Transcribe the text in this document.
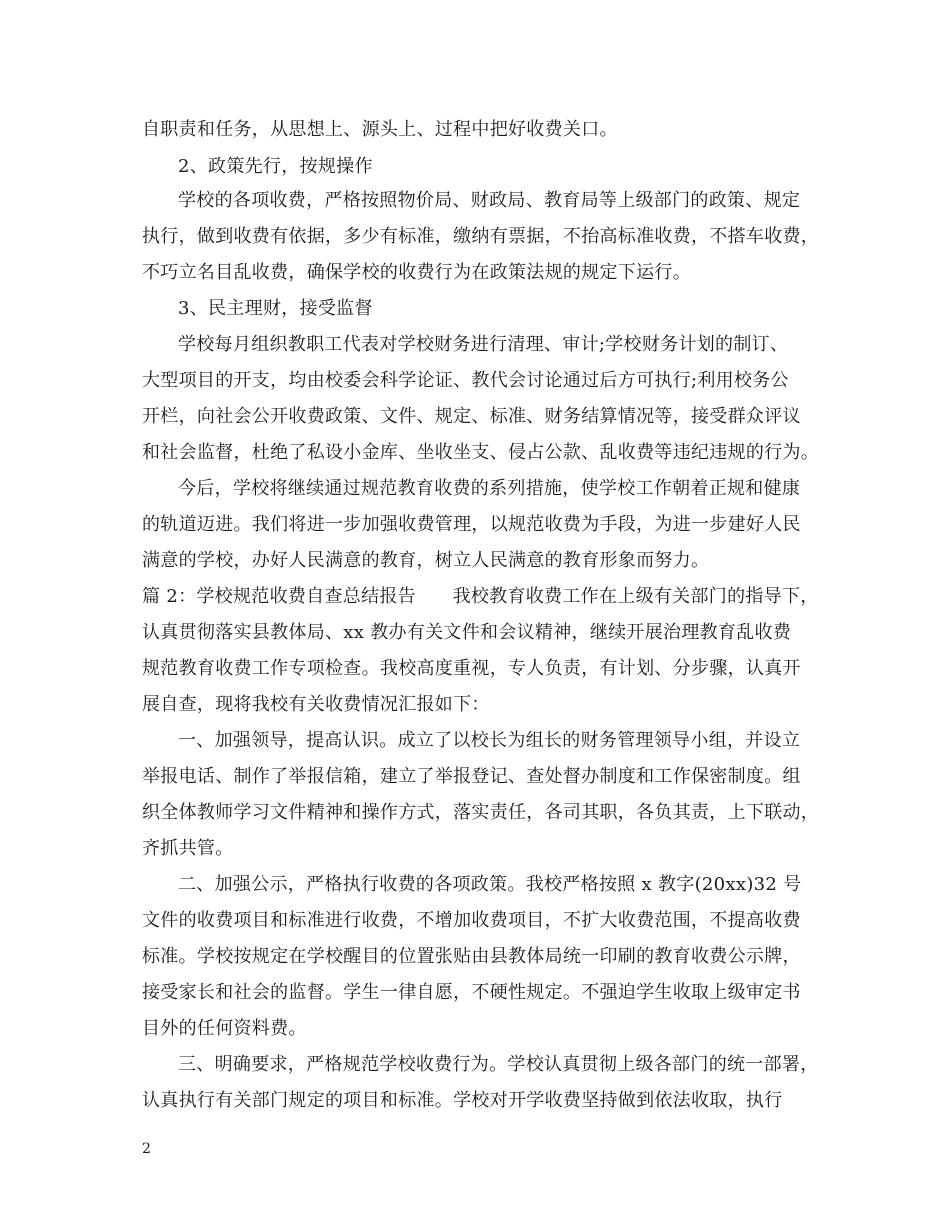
自职责和任务，从思想上、源头上、过程中把好收费关口。
2、政策先行，按规操作
学校的各项收费，严格按照物价局、财政局、教育局等上级部门的政策、规定
执行，做到收费有依据，多少有标准，缴纳有票据，不抬高标准收费，不搭车收费，
不巧立名目乱收费，确保学校的收费行为在政策法规的规定下运行。
3、民主理财，接受监督
学校每月组织教职工代表对学校财务进行清理、审计;学校财务计划的制订、
大型项目的开支，均由校委会科学论证、教代会讨论通过后方可执行;利用校务公
开栏，向社会公开收费政策、文件、规定、标准、财务结算情况等，接受群众评议
和社会监督，杜绝了私设小金库、坐收坐支、侵占公款、乱收费等违纪违规的行为。
今后，学校将继续通过规范教育收费的系列措施，使学校工作朝着正规和健康
的轨道迈进。我们将进一步加强收费管理，以规范收费为手段，为进一步建好人民
满意的学校，办好人民满意的教育，树立人民满意的教育形象而努力。
篇 2：学校规范收费自查总结报告　　我校教育收费工作在上级有关部门的指导下，
认真贯彻落实县教体局、xx 教办有关文件和会议精神，继续开展治理教育乱收费
规范教育收费工作专项检查。我校高度重视，专人负责，有计划、分步骤，认真开
展自查，现将我校有关收费情况汇报如下：
一、加强领导，提高认识。成立了以校长为组长的财务管理领导小组，并设立
举报电话、制作了举报信箱，建立了举报登记、查处督办制度和工作保密制度。组
织全体教师学习文件精神和操作方式，落实责任，各司其职，各负其责，上下联动，
齐抓共管。
二、加强公示，严格执行收费的各项政策。我校严格按照 x 教字(20xx)32 号
文件的收费项目和标准进行收费，不增加收费项目，不扩大收费范围，不提高收费
标准。学校按规定在学校醒目的位置张贴由县教体局统一印刷的教育收费公示牌，
接受家长和社会的监督。学生一律自愿，不硬性规定。不强迫学生收取上级审定书
目外的任何资料费。
三、明确要求，严格规范学校收费行为。学校认真贯彻上级各部门的统一部署，
认真执行有关部门规定的项目和标准。学校对开学收费坚持做到依法收取，执行
2
